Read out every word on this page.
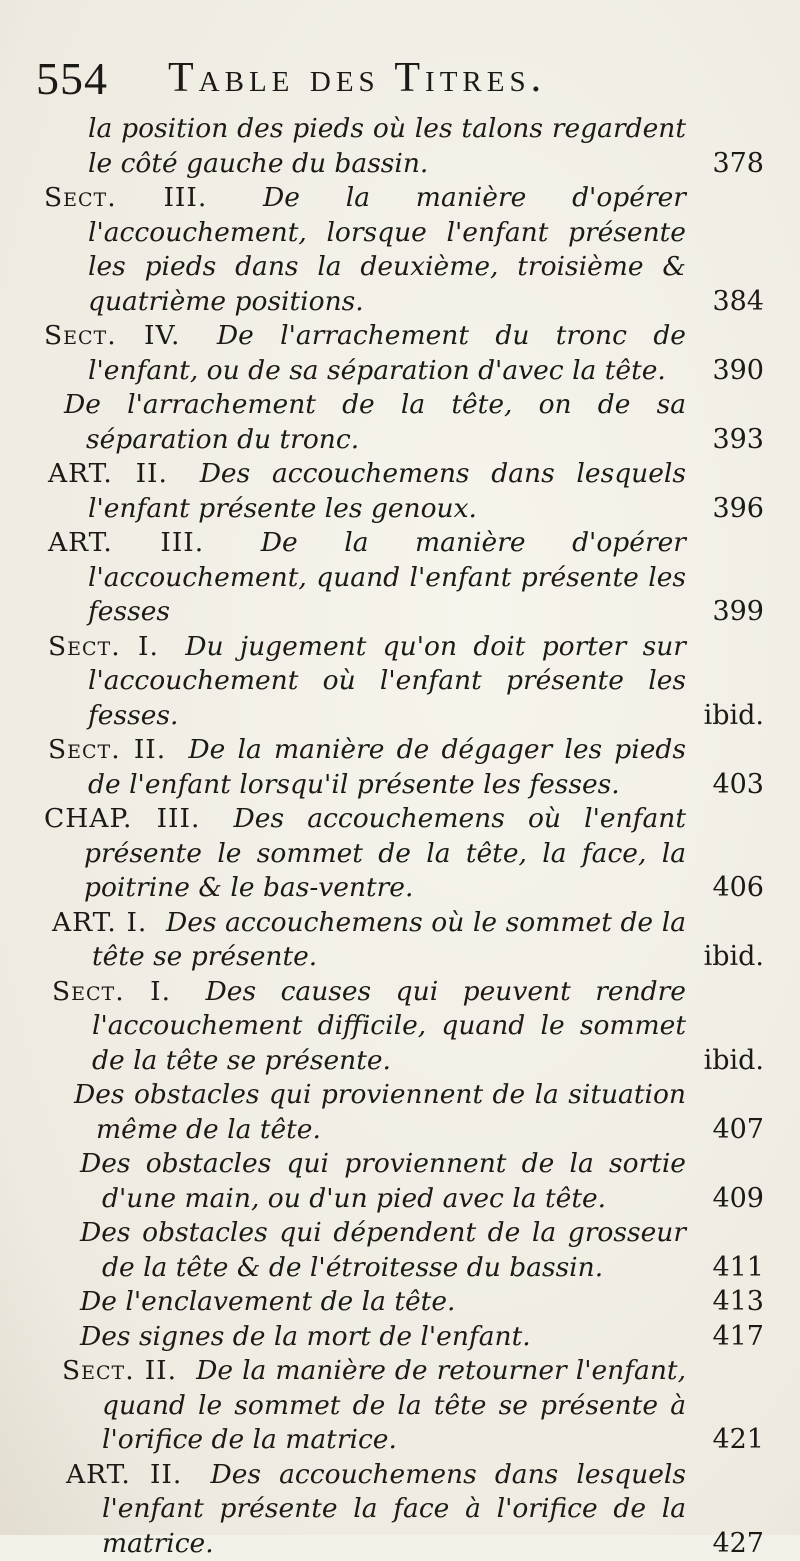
554 Table des Titres.
la position des pieds où les talons regardent le côté gauche du bassin.	378
Sect. III. De la manière d'opérer l'accouchement, lorsque l'enfant présente les pieds dans la deuxième, troisième & quatrième positions.	384
Sect. IV. De l'arrachement du tronc de l'enfant, ou de sa séparation d'avec la tête. 390
De l'arrachement de la tête, on de sa séparation du tronc.	393
ART. II. Des accouchemens dans lesquels l'enfant présente les genoux.	396
ART. III. De la manière d'opérer l'accouchement, quand l'enfant présente les fesses	399
Sect. I. Du jugement qu'on doit porter sur l'accouchement où l'enfant présente les fesses.	ibid.
Sect. II. De la manière de dégager les pieds de l'enfant lorsqu'il présente les fesses.	403
CHAP. III. Des accouchemens où l'enfant présente le sommet de la tête, la face, la poitrine & le bas-ventre.	406
ART. I. Des accouchemens où le sommet de la tête se présente.	ibid.
Sect. I. Des causes qui peuvent rendre l'accouchement difficile, quand le sommet de la tête se présente.	ibid.
Des obstacles qui proviennent de la situation même de la tête.	407
Des obstacles qui proviennent de la sortie d'une main, ou d'un pied avec la tête.	409
Des obstacles qui dépendent de la grosseur de la tête & de l'étroitesse du bassin.	411
De l'enclavement de la tête.	413
Des signes de la mort de l'enfant.	417
Sect. II. De la manière de retourner l'enfant, quand le sommet de la tête se présente à l'orifice de la matrice.	421
ART. II. Des accouchemens dans lesquels l'enfant présente la face à l'orifice de la matrice.	427
